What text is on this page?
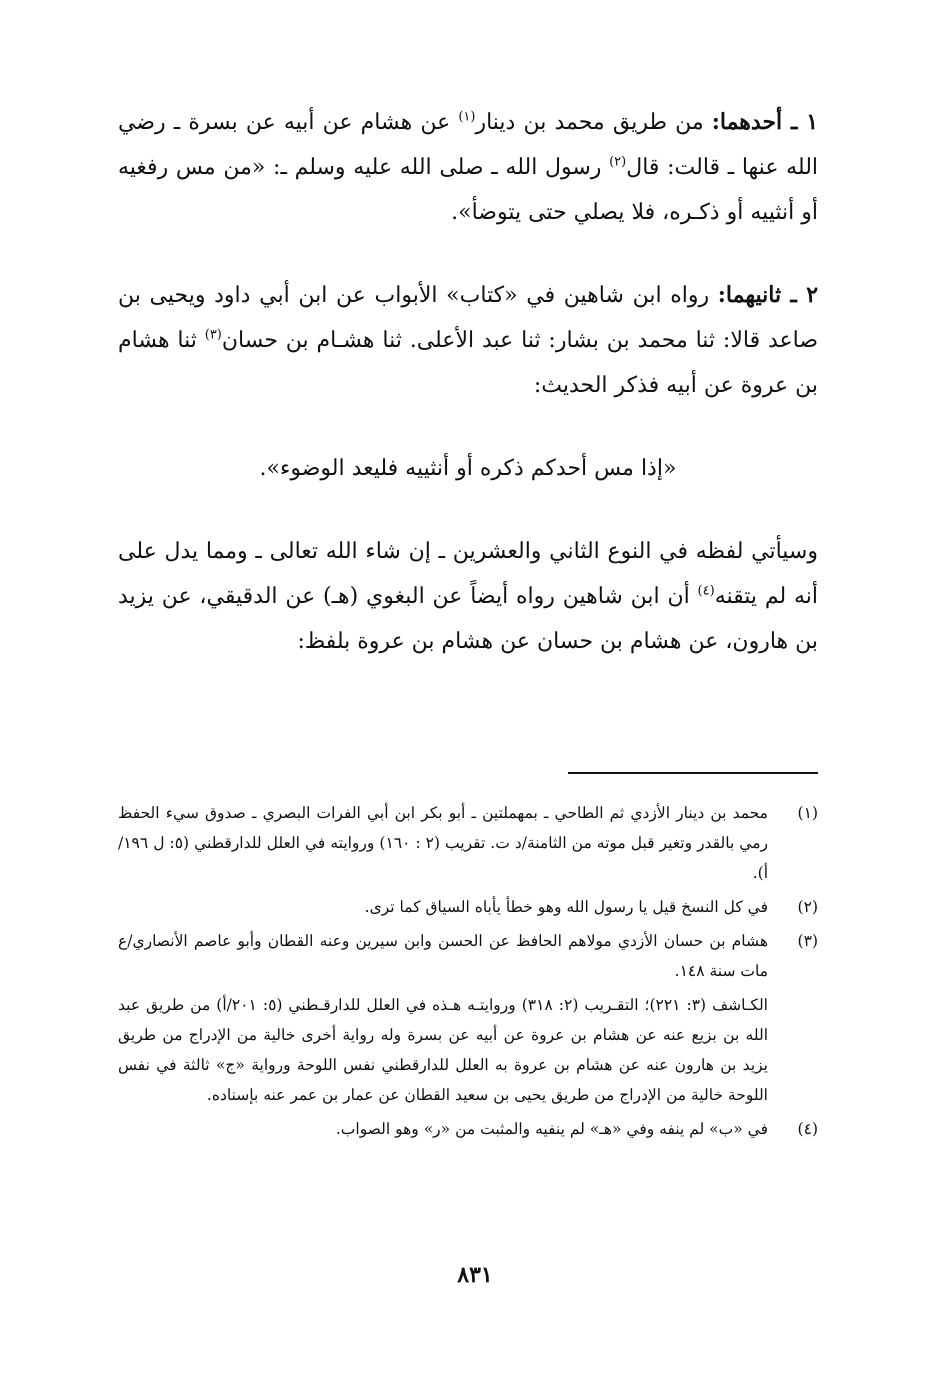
١ ـ أحدهما: من طريق محمد بن دينار$^{(١)}$ عن هشام عن أبيه عن بسرة ـ رضي الله عنها ـ قالت: قال$^{(٢)}$ رسول الله ـ صلى الله عليه وسلم ـ: «من مس رفغيه أو أنثييه أو ذكـره، فلا يصلي حتى يتوضأ».

٢ ـ ثانيهما: رواه ابن شاهين في «كتاب» الأبواب عن ابن أبي داود ويحيى بن صاعد قالا: ثنا محمد بن بشار: ثنا عبد الأعلى. ثنا هشـام بن حسان$^{(٣)}$ ثنا هشام بن عروة عن أبيه فذكر الحديث:

«إذا مس أحدكم ذكره أو أنثييه فليعد الوضوء».

وسيأتي لفظه في النوع الثاني والعشرين ـ إن شاء الله تعالى ـ ومما يدل على أنه لم يتقنه$^{(٤)}$ أن ابن شاهين رواه أيضاً عن البغوي (هـ) عن الدقيقي، عن يزيد بن هارون، عن هشام بن حسان عن هشام بن عروة بلفظ:

(١)
محمد بن دينار الأزدي ثم الطاحي ـ بمهملتين ـ أبو بكر ابن أبي الفرات البصري ـ صدوق سيء الحفظ رمي بالقدر وتغير قبل موته من الثامنة/د ت. تقريب (٢ : ١٦٠) وروايته في العلل للدارقطني (٥: ل ١٩٦/أ).
(٢)
في كل النسخ قيل يا رسول الله وهو خطأ يأباه السياق كما ترى.
(٣)
هشام بن حسان الأزدي مولاهم الحافظ عن الحسن وابن سيرين وعنه القطان وأبو عاصم الأنصاري/ع مات سنة ١٤٨.
الكـاشف (٣: ٢٢١)؛ التقـريب (٢: ٣١٨) وروايتـه هـذه في العلل للدارقـطني (٥: ٢٠١/أ) من طريق عبد الله بن بزيع عنه عن هشام بن عروة عن أبيه عن بسرة وله رواية أخرى خالية من الإدراج من طريق يزيد بن هارون عنه عن هشام بن عروة به العلل للدارقطني نفس اللوحة ورواية «ج» ثالثة في نفس اللوحة خالية من الإدراج من طريق يحيى بن سعيد القطان عن عمار بن عمر عنه بإسناده.
(٤)
في «ب» لم ينفه وفي «هـ» لم ينفيه والمثبت من «ر» وهو الصواب.
٨٣١
